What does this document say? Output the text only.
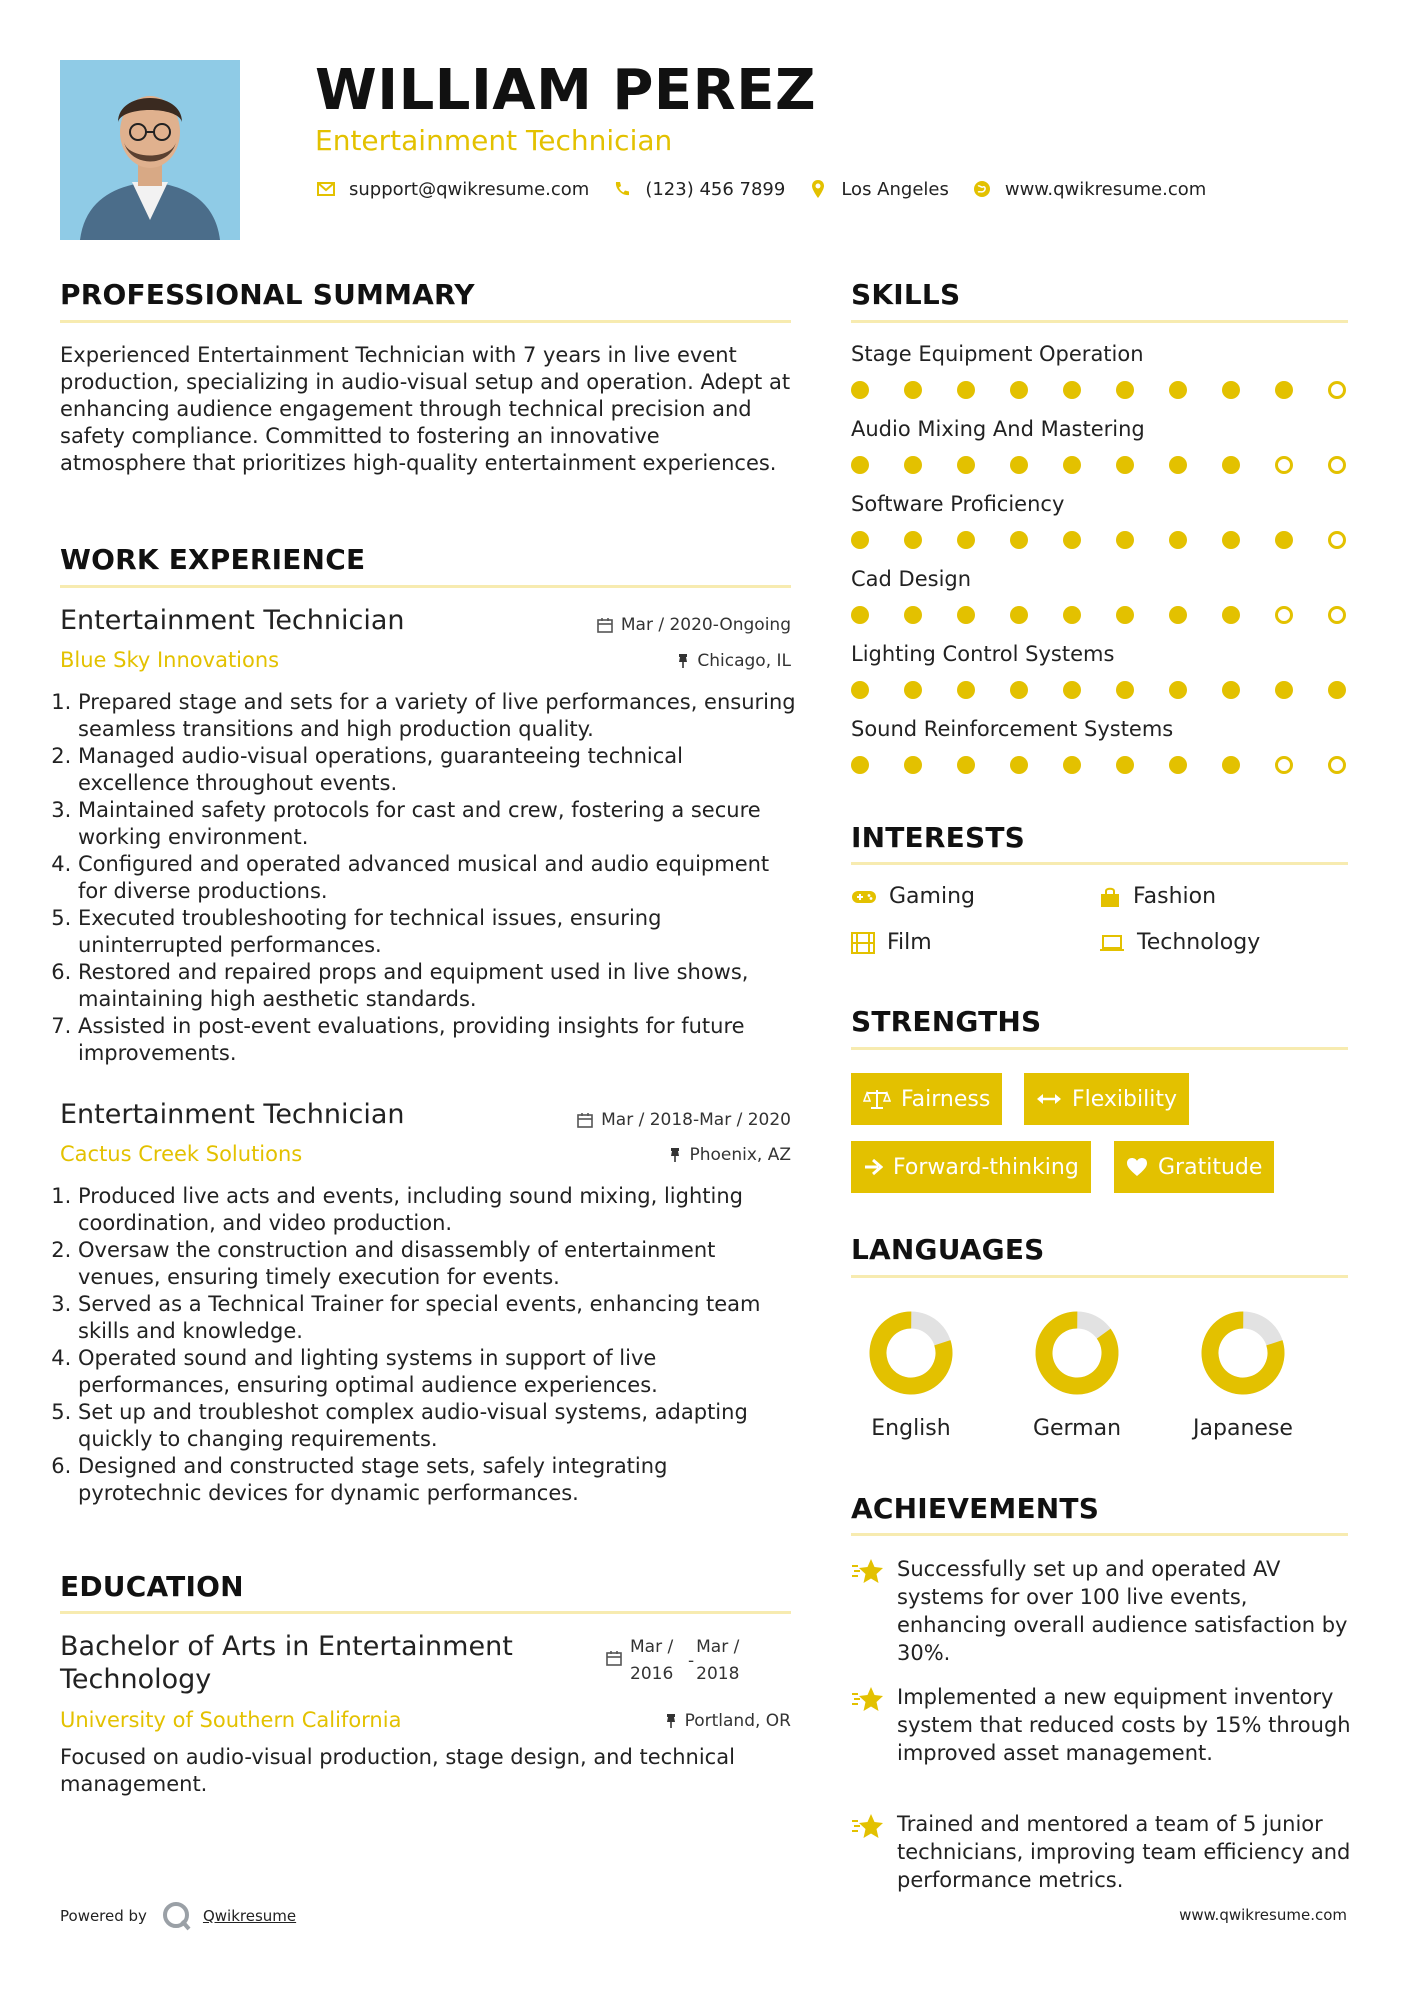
WILLIAM PEREZ
Entertainment Technician
support@qwikresume.com	(123) 456 7899	Los Angeles	www.qwikresume.com
PROFESSIONAL SUMMARY
Experienced Entertainment Technician with 7 years in live event production, specializing in audio-visual setup and operation. Adept at enhancing audience engagement through technical precision and safety compliance. Committed to fostering an innovative atmosphere that prioritizes high-quality entertainment experiences.
WORK EXPERIENCE
Entertainment Technician	Mar / 2020-Ongoing
Blue Sky Innovations	Chicago, IL
1. Prepared stage and sets for a variety of live performances, ensuring seamless transitions and high production quality.
2. Managed audio-visual operations, guaranteeing technical excellence throughout events.
3. Maintained safety protocols for cast and crew, fostering a secure working environment.
4. Configured and operated advanced musical and audio equipment for diverse productions.
5. Executed troubleshooting for technical issues, ensuring uninterrupted performances.
6. Restored and repaired props and equipment used in live shows, maintaining high aesthetic standards.
7. Assisted in post-event evaluations, providing insights for future improvements.
Entertainment Technician	Mar / 2018-Mar / 2020
Cactus Creek Solutions	Phoenix, AZ
1. Produced live acts and events, including sound mixing, lighting coordination, and video production.
2. Oversaw the construction and disassembly of entertainment venues, ensuring timely execution for events.
3. Served as a Technical Trainer for special events, enhancing team skills and knowledge.
4. Operated sound and lighting systems in support of live performances, ensuring optimal audience experiences.
5. Set up and troubleshot complex audio-visual systems, adapting quickly to changing requirements.
6. Designed and constructed stage sets, safely integrating pyrotechnic devices for dynamic performances.
EDUCATION
Bachelor of Arts in Entertainment Technology
Mar /
2016
-
Mar /
2018
University of Southern California	Portland, OR
Focused on audio-visual production, stage design, and technical management.
SKILLS
Stage Equipment Operation
Audio Mixing And Mastering
Software Proficiency
Cad Design
Lighting Control Systems
Sound Reinforcement Systems
INTERESTS
Gaming	Fashion
Film	Technology
STRENGTHS
Fairness	Flexibility
Forward-thinking	Gratitude
LANGUAGES
English	German	Japanese
ACHIEVEMENTS
Successfully set up and operated AV systems for over 100 live events, enhancing overall audience satisfaction by 30%.
Implemented a new equipment inventory system that reduced costs by 15% through improved asset management.
Trained and mentored a team of 5 junior technicians, improving team efficiency and performance metrics.
Powered by	Qwikresume	www.qwikresume.com
